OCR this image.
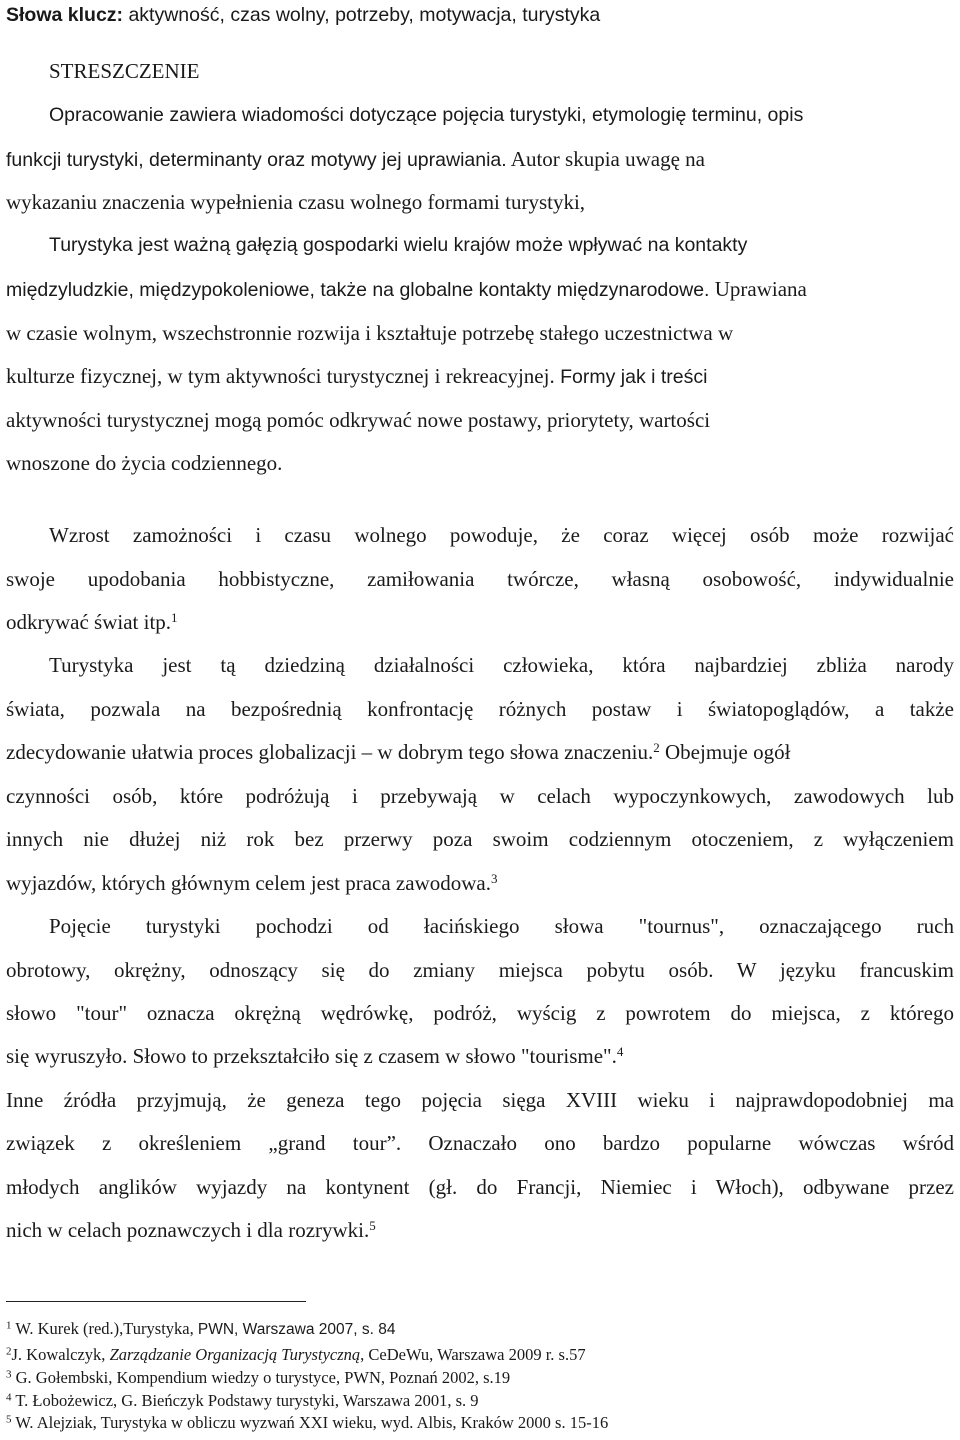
Słowa klucz: aktywność, czas wolny, potrzeby, motywacja, turystyka
STRESZCZENIE
Opracowanie zawiera wiadomości dotyczące pojęcia turystyki, etymologię terminu, opis
funkcji turystyki, determinanty oraz motywy jej uprawiania. Autor skupia uwagę na
wykazaniu znaczenia wypełnienia czasu wolnego formami turystyki,
Turystyka jest ważną gałęzią gospodarki wielu krajów może wpływać na kontakty
międzyludzkie, międzypokoleniowe, także na globalne kontakty międzynarodowe. Uprawiana
w czasie wolnym, wszechstronnie rozwija i kształtuje potrzebę stałego uczestnictwa w
kulturze fizycznej, w tym aktywności turystycznej i rekreacyjnej. Formy jak i treści
aktywności turystycznej mogą pomóc odkrywać nowe postawy, priorytety, wartości
wnoszone do życia codziennego.
Wzrost zamożności i czasu wolnego powoduje, że coraz więcej osób może rozwijać
swoje upodobania hobbistyczne, zamiłowania twórcze, własną osobowość, indywidualnie
odkrywać świat itp.$^1$
Turystyka jest tą dziedziną działalności człowieka, która najbardziej zbliża narody
świata, pozwala na bezpośrednią konfrontację różnych postaw i światopoglądów, a także
zdecydowanie ułatwia proces globalizacji – w dobrym tego słowa znaczeniu.$^2$ Obejmuje ogół
czynności osób, które podróżują i przebywają w celach wypoczynkowych, zawodowych lub
innych nie dłużej niż rok bez przerwy poza swoim codziennym otoczeniem, z wyłączeniem
wyjazdów, których głównym celem jest praca zawodowa.$^3$
Pojęcie turystyki pochodzi od łacińskiego słowa "tournus", oznaczającego ruch
obrotowy, okrężny, odnoszący się do zmiany miejsca pobytu osób. W języku francuskim
słowo "tour" oznacza okrężną wędrówkę, podróż, wyścig z powrotem do miejsca, z którego
się wyruszyło. Słowo to przekształciło się z czasem w słowo "tourisme".$^4$
Inne źródła przyjmują, że geneza tego pojęcia sięga XVIII wieku i najprawdopodobniej ma
związek z określeniem „grand tour”. Oznaczało ono bardzo popularne wówczas wśród
młodych anglików wyjazdy na kontynent (gł. do Francji, Niemiec i Włoch), odbywane przez
nich w celach poznawczych i dla rozrywki.$^5$
$^1$ W. Kurek (red.),Turystyka, PWN, Warszawa 2007, s. 84
$^2$J. Kowalczyk, Zarządzanie Organizacją Turystyczną, CeDeWu, Warszawa 2009 r. s.57
$^3$ G. Gołembski, Kompendium wiedzy o turystyce, PWN, Poznań 2002, s.19
$^4$ T. Łobożewicz, G. Bieńczyk Podstawy turystyki, Warszawa 2001, s. 9
$^5$ W. Alejziak, Turystyka w obliczu wyzwań XXI wieku, wyd. Albis, Kraków 2000 s. 15-16
